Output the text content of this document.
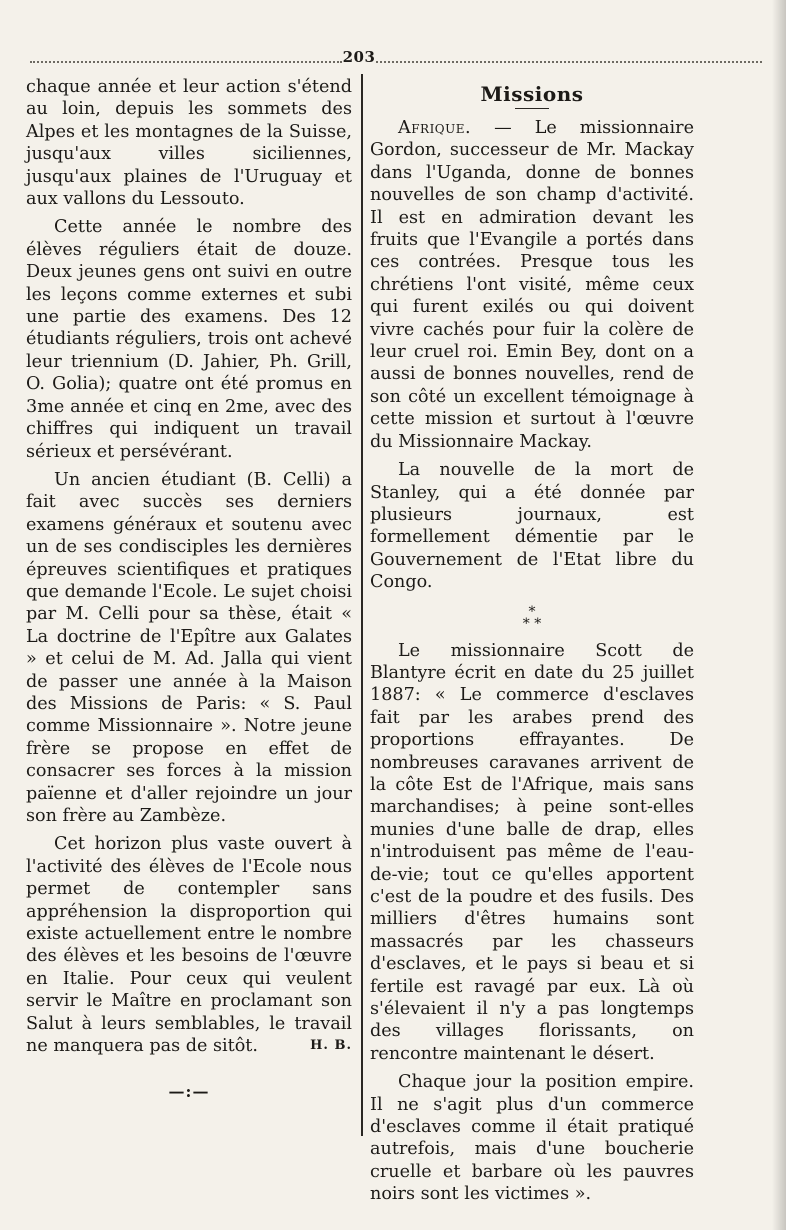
203

chaque année et leur action s'étend au loin, depuis les sommets des Alpes et les montagnes de la Suisse, jusqu'aux villes siciliennes, jusqu'aux plaines de l'Uruguay et aux vallons du Lessouto.

Cette année le nombre des élèves réguliers était de douze. Deux jeunes gens ont suivi en outre les leçons comme externes et subi une partie des examens. Des 12 étudiants réguliers, trois ont achevé leur triennium (D. Jahier, Ph. Grill, O. Golia); quatre ont été promus en 3me année et cinq en 2me, avec des chiffres qui indiquent un travail sérieux et persévérant.

Un ancien étudiant (B. Celli) a fait avec succès ses derniers examens généraux et soutenu avec un de ses condisciples les dernières épreuves scientifiques et pratiques que demande l'Ecole. Le sujet choisi par M. Celli pour sa thèse, était « La doctrine de l'Epître aux Galates » et celui de M. Ad. Jalla qui vient de passer une année à la Maison des Missions de Paris: « S. Paul comme Missionnaire ». Notre jeune frère se propose en effet de consacrer ses forces à la mission païenne et d'aller rejoindre un jour son frère au Zambèze.

Cet horizon plus vaste ouvert à l'activité des élèves de l'Ecole nous permet de contempler sans appréhension la disproportion qui existe actuellement entre le nombre des élèves et les besoins de l'œuvre en Italie. Pour ceux qui veulent servir le Maître en proclamant son Salut à leurs semblables, le travail ne manquera pas de sitôt.	H. B.

—:—
Missions

Afrique. — Le missionnaire Gordon, successeur de Mr. Mackay dans l'Uganda, donne de bonnes nouvelles de son champ d'activité. Il est en admiration devant les fruits que l'Evangile a portés dans ces contrées. Presque tous les chrétiens l'ont visité, même ceux qui furent exilés ou qui doivent vivre cachés pour fuir la colère de leur cruel roi. Emin Bey, dont on a aussi de bonnes nouvelles, rend de son côté un excellent témoignage à cette mission et surtout à l'œuvre du Missionnaire Mackay.

La nouvelle de la mort de Stanley, qui a été donnée par plusieurs journaux, est formellement démentie par le Gouvernement de l'Etat libre du Congo.

*
* *

Le missionnaire Scott de Blantyre écrit en date du 25 juillet 1887: « Le commerce d'esclaves fait par les arabes prend des proportions effrayantes. De nombreuses caravanes arrivent de la côte Est de l'Afrique, mais sans marchandises; à peine sont-elles munies d'une balle de drap, elles n'introduisent pas même de l'eau-de-vie; tout ce qu'elles apportent c'est de la poudre et des fusils. Des milliers d'êtres humains sont massacrés par les chasseurs d'esclaves, et le pays si beau et si fertile est ravagé par eux. Là où s'élevaient il n'y a pas longtemps des villages florissants, on rencontre maintenant le désert.

Chaque jour la position empire. Il ne s'agit plus d'un commerce d'esclaves comme il était pratiqué autrefois, mais d'une boucherie cruelle et barbare où les pauvres noirs sont les victimes ».
